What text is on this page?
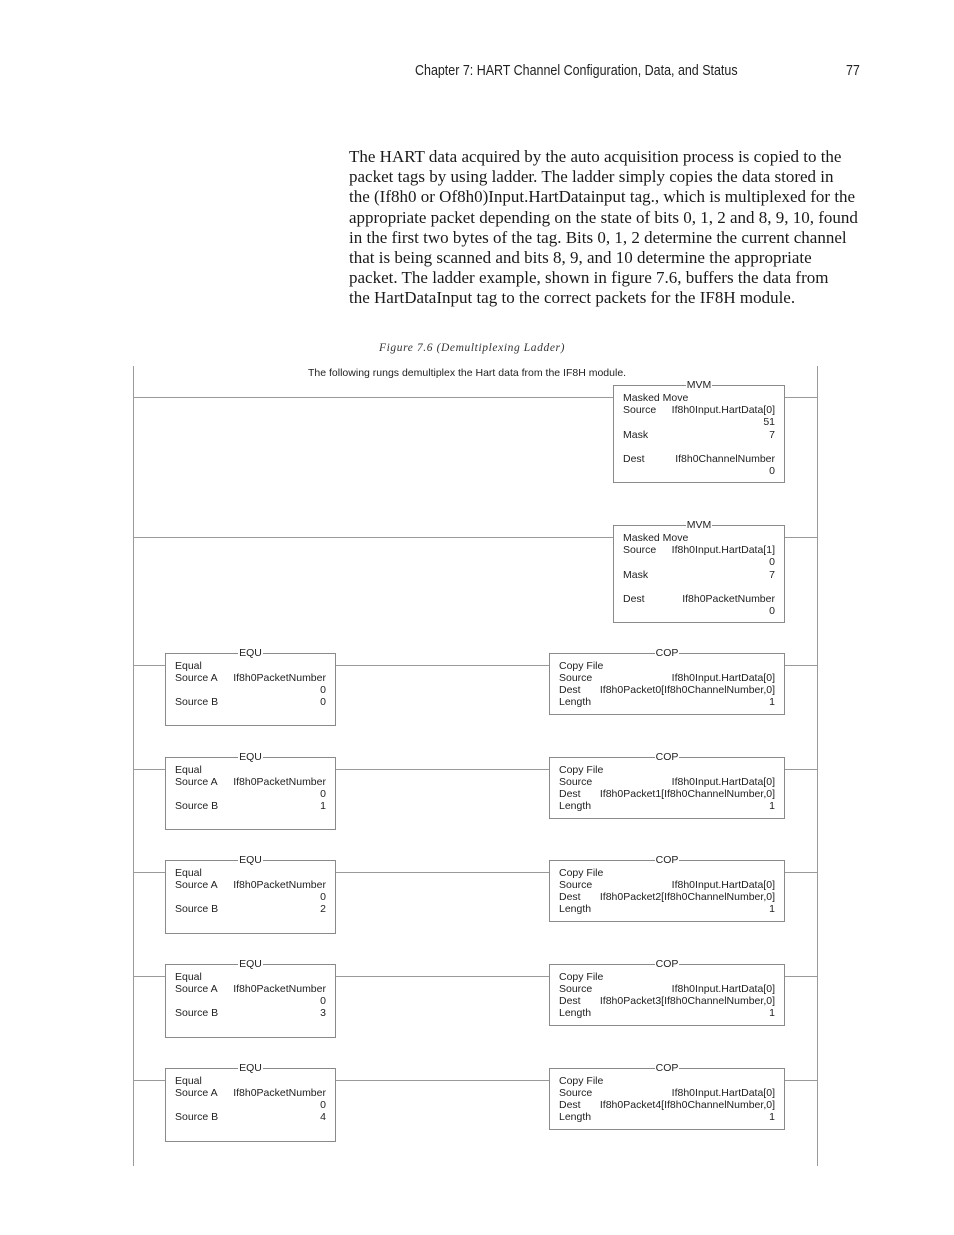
Chapter 7: HART Channel Configuration, Data, and Status	77
The HART data acquired by the auto acquisition process is copied to the
packet tags by using ladder. The ladder simply copies the data stored in
the (If8h0 or Of8h0)Input.HartDatainput tag., which is multiplexed for the
appropriate packet depending on the state of bits 0, 1, 2 and 8, 9, 10, found
in the first two bytes of the tag. Bits 0, 1, 2 determine the current channel
that is being scanned and bits 8, 9, and 10 determine the appropriate
packet. The ladder example, shown in figure 7.6, buffers the data from
the HartDataInput tag to the correct packets for the IF8H module.
Figure 7.6 (Demultiplexing Ladder)
The following rungs demultiplex the Hart data from the IF8H module.
MVM
Masked Move
Source If8h0Input.HartData[0]
51
Mask	7
Dest	If8h0ChannelNumber
0
MVM
Masked Move
Source If8h0Input.HartData[1]
0
Mask	7
Dest	If8h0PacketNumber
0
EQU
Equal
Source A If8h0PacketNumber
0
Source B	0
COP
Copy File
Source	If8h0Input.HartData[0]
Dest If8h0Packet0[If8h0ChannelNumber,0]
Length	1
EQU
Equal
Source A If8h0PacketNumber
0
Source B	1
COP
Copy File
Source	If8h0Input.HartData[0]
Dest If8h0Packet1[If8h0ChannelNumber,0]
Length	1
EQU
Equal
Source A If8h0PacketNumber
0
Source B	2
COP
Copy File
Source	If8h0Input.HartData[0]
Dest If8h0Packet2[If8h0ChannelNumber,0]
Length	1
EQU
Equal
Source A If8h0PacketNumber
0
Source B	3
COP
Copy File
Source	If8h0Input.HartData[0]
Dest If8h0Packet3[If8h0ChannelNumber,0]
Length	1
EQU
Equal
Source A If8h0PacketNumber
0
Source B	4
COP
Copy File
Source	If8h0Input.HartData[0]
Dest If8h0Packet4[If8h0ChannelNumber,0]
Length	1
